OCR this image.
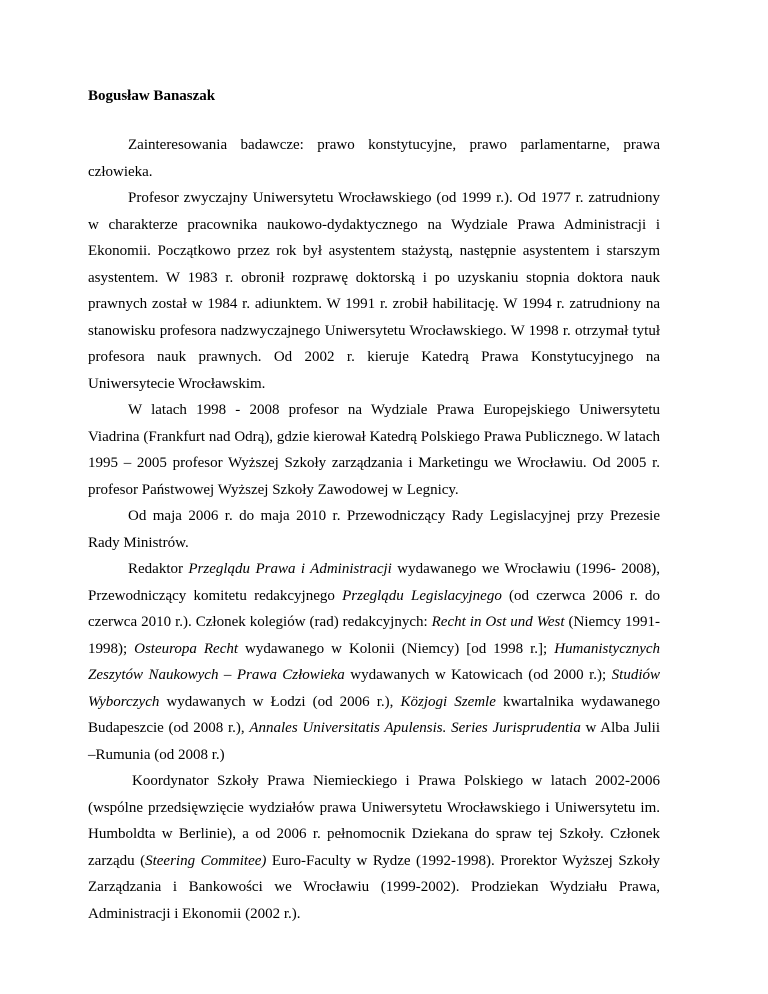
Bogusław Banaszak

Zainteresowania badawcze: prawo konstytucyjne, prawo parlamentarne, prawa człowieka.

Profesor zwyczajny Uniwersytetu Wrocławskiego (od 1999 r.). Od 1977 r. zatrudniony w charakterze pracownika naukowo-dydaktycznego na Wydziale Prawa Administracji i Ekonomii. Początkowo przez rok był asystentem stażystą, następnie asystentem i starszym asystentem. W 1983 r. obronił rozprawę doktorską i po uzyskaniu stopnia doktora nauk prawnych został w 1984 r. adiunktem. W 1991 r. zrobił habilitację. W 1994 r. zatrudniony na stanowisku profesora nadzwyczajnego Uniwersytetu Wrocławskiego. W 1998 r. otrzymał tytuł profesora nauk prawnych. Od 2002 r. kieruje Katedrą Prawa Konstytucyjnego na Uniwersytecie Wrocławskim.

W latach 1998 - 2008 profesor na Wydziale Prawa Europejskiego Uniwersytetu Viadrina (Frankfurt nad Odrą), gdzie kierował Katedrą Polskiego Prawa Publicznego. W latach 1995 – 2005 profesor Wyższej Szkoły zarządzania i Marketingu we Wrocławiu. Od 2005 r. profesor Państwowej Wyższej Szkoły Zawodowej w Legnicy.

Od maja 2006 r. do maja 2010 r. Przewodniczący Rady Legislacyjnej przy Prezesie Rady Ministrów.

Redaktor Przeglądu Prawa i Administracji wydawanego we Wrocławiu (1996- 2008), Przewodniczący komitetu redakcyjnego Przeglądu Legislacyjnego (od czerwca 2006 r. do czerwca 2010 r.). Członek kolegiów (rad) redakcyjnych: Recht in Ost und West (Niemcy 1991-1998); Osteuropa Recht wydawanego w Kolonii (Niemcy) [od 1998 r.]; Humanistycznych Zeszytów Naukowych – Prawa Człowieka wydawanych w Katowicach (od 2000 r.); Studiów Wyborczych wydawanych w Łodzi (od 2006 r.), Közjogi Szemle kwartalnika wydawanego Budapeszcie (od 2008 r.), Annales Universitatis Apulensis. Series Jurisprudentia w Alba Julii –Rumunia (od 2008 r.)

Koordynator Szkoły Prawa Niemieckiego i Prawa Polskiego w latach 2002-2006 (wspólne przedsięwzięcie wydziałów prawa Uniwersytetu Wrocławskiego i Uniwersytetu im. Humboldta w Berlinie), a od 2006 r. pełnomocnik Dziekana do spraw tej Szkoły. Członek zarządu (Steering Commitee) Euro-Faculty w Rydze (1992-1998). Prorektor Wyższej Szkoły Zarządzania i Bankowości we Wrocławiu (1999-2002). Prodziekan Wydziału Prawa, Administracji i Ekonomii (2002 r.).
